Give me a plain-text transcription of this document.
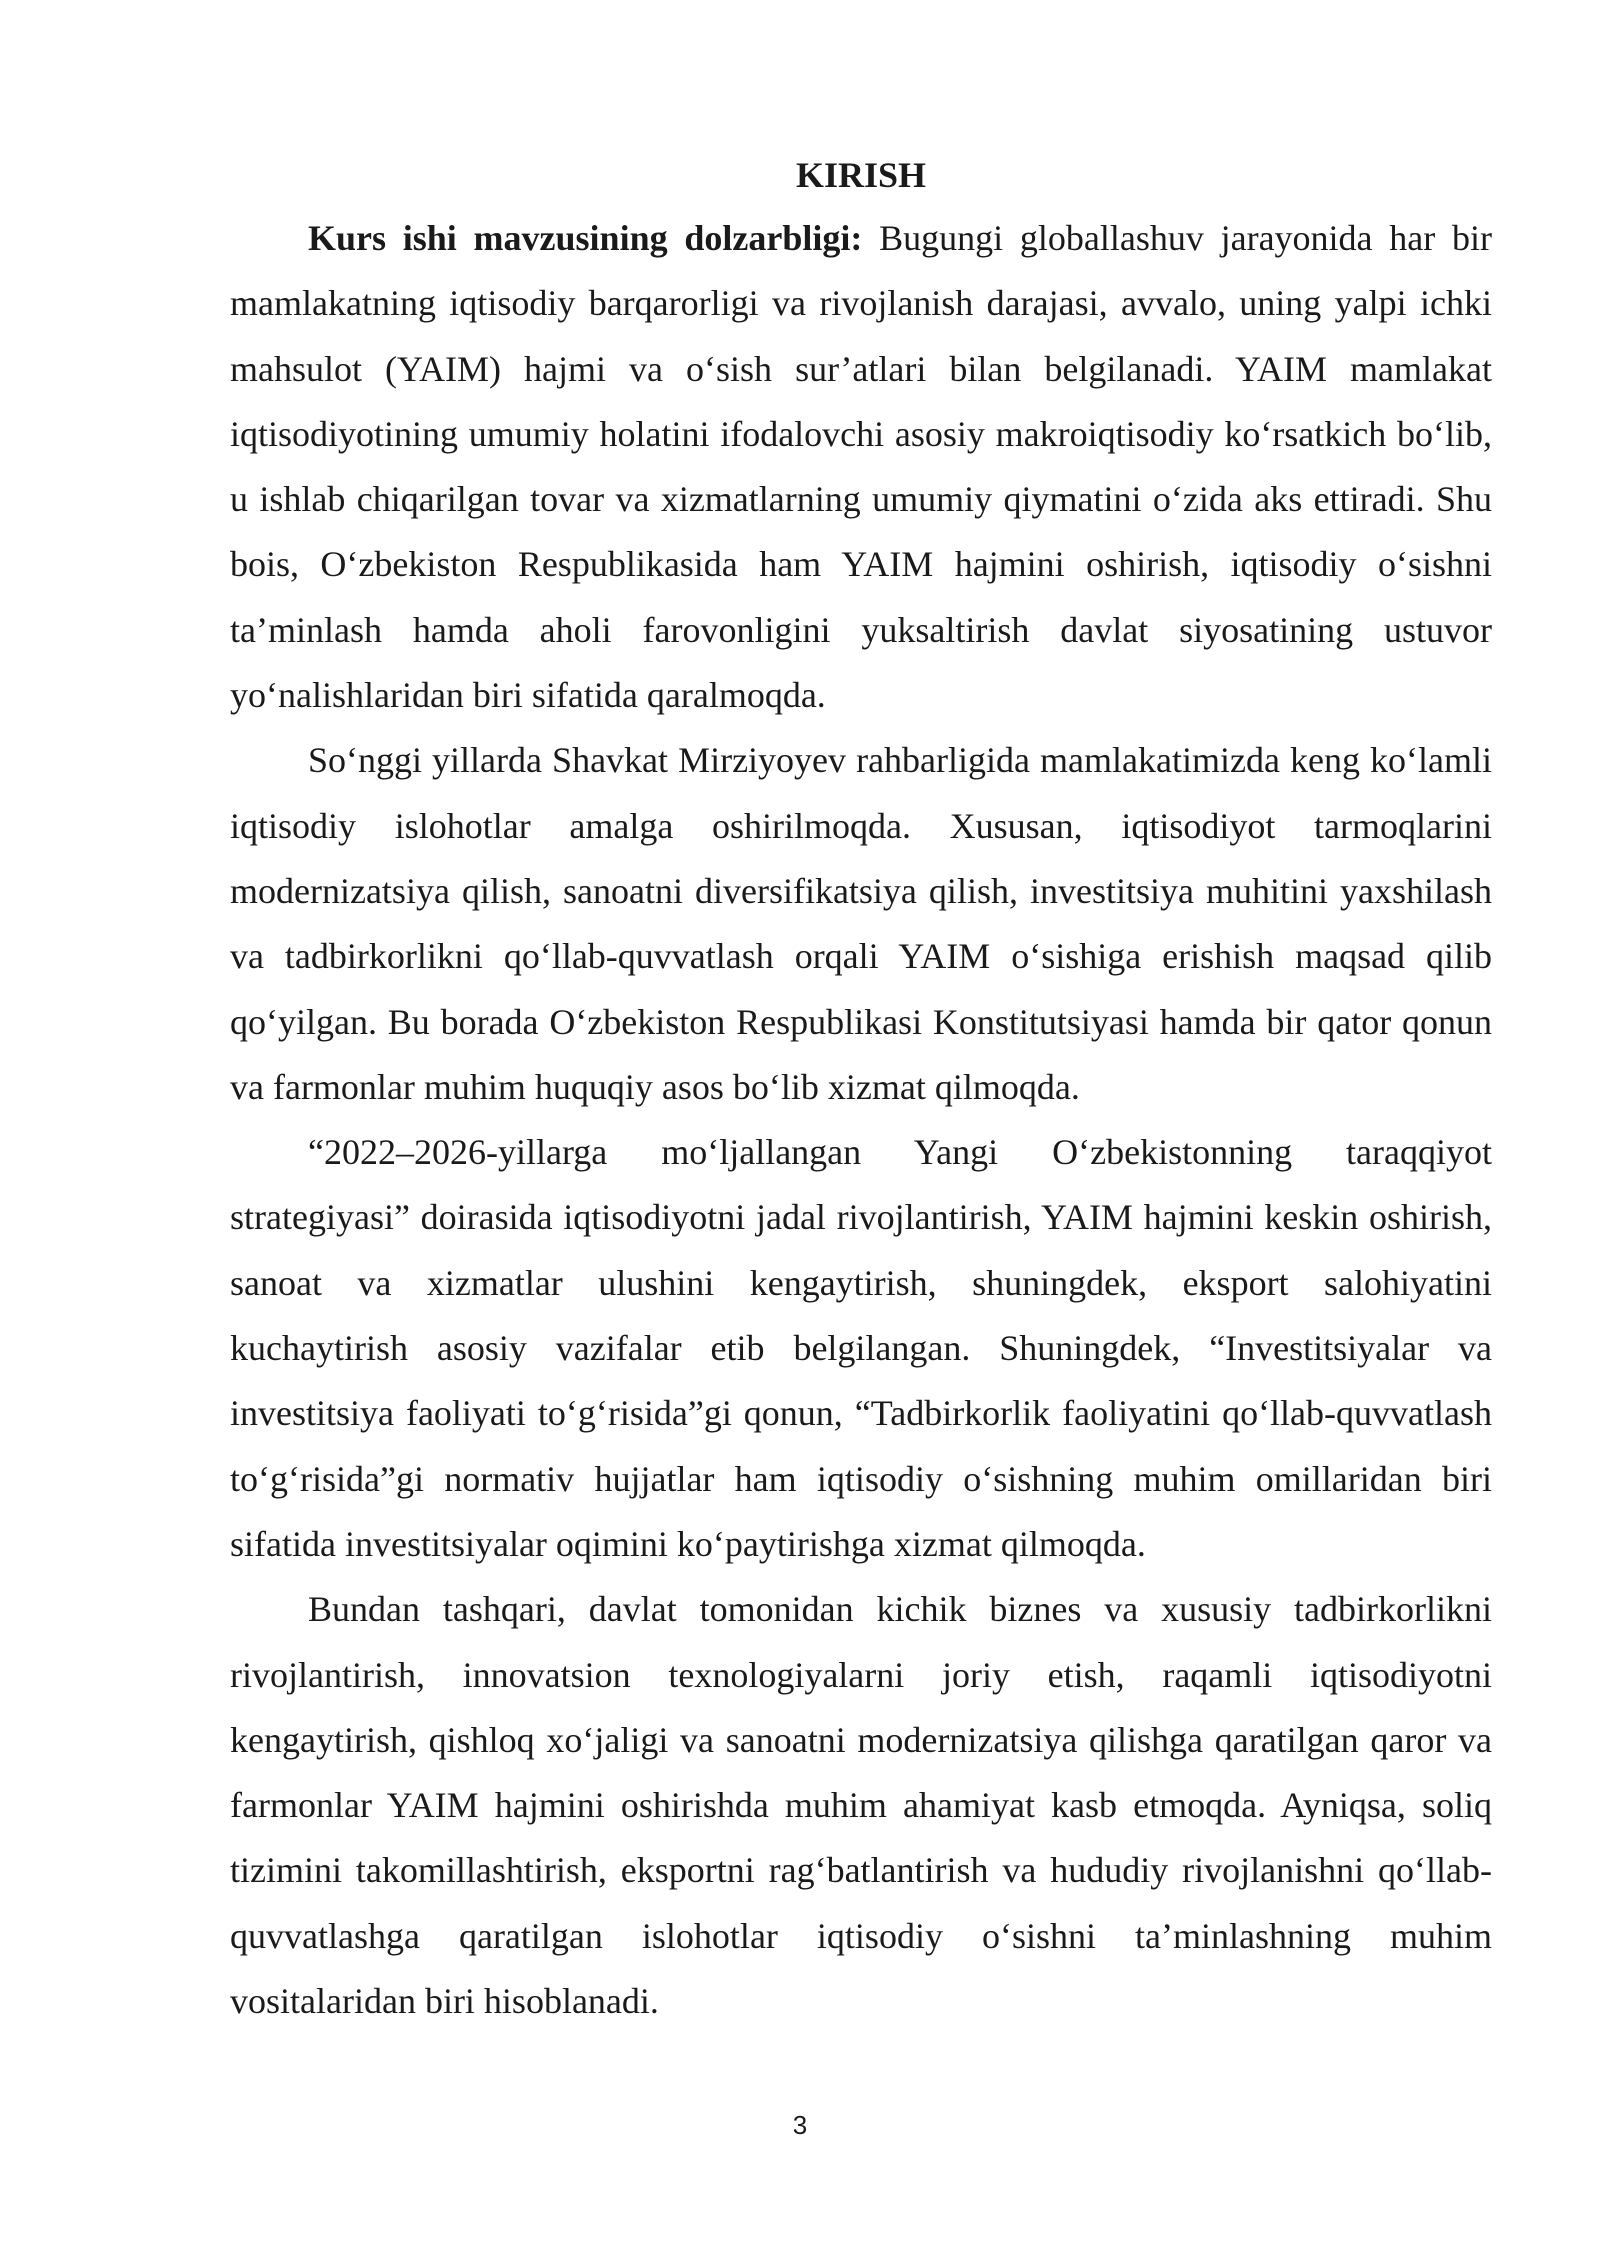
KIRISH

Kurs ishi mavzusining dolzarbligi: Bugungi globallashuv jarayonida har bir mamlakatning iqtisodiy barqarorligi va rivojlanish darajasi, avvalo, uning yalpi ichki mahsulot (YAIM) hajmi va o‘sish sur’atlari bilan belgilanadi. YAIM mamlakat iqtisodiyotining umumiy holatini ifodalovchi asosiy makroiqtisodiy ko‘rsatkich bo‘lib, u ishlab chiqarilgan tovar va xizmatlarning umumiy qiymatini o‘zida aks ettiradi. Shu bois, O‘zbekiston Respublikasida ham YAIM hajmini oshirish, iqtisodiy o‘sishni ta’minlash hamda aholi farovonligini yuksaltirish davlat siyosatining ustuvor yo‘nalishlaridan biri sifatida qaralmoqda.

So‘nggi yillarda Shavkat Mirziyoyev rahbarligida mamlakatimizda keng ko‘lamli iqtisodiy islohotlar amalga oshirilmoqda. Xususan, iqtisodiyot tarmoqlarini modernizatsiya qilish, sanoatni diversifikatsiya qilish, investitsiya muhitini yaxshilash va tadbirkorlikni qo‘llab-quvvatlash orqali YAIM o‘sishiga erishish maqsad qilib qo‘yilgan. Bu borada O‘zbekiston Respublikasi Konstitutsiyasi hamda bir qator qonun va farmonlar muhim huquqiy asos bo‘lib xizmat qilmoqda.

“2022–2026-yillarga mo‘ljallangan Yangi O‘zbekistonning taraqqiyot strategiyasi” doirasida iqtisodiyotni jadal rivojlantirish, YAIM hajmini keskin oshirish, sanoat va xizmatlar ulushini kengaytirish, shuningdek, eksport salohiyatini kuchaytirish asosiy vazifalar etib belgilangan. Shuningdek, “Investitsiyalar va investitsiya faoliyati to‘g‘risida”gi qonun, “Tadbirkorlik faoliyatini qo‘llab-quvvatlash to‘g‘risida”gi normativ hujjatlar ham iqtisodiy o‘sishning muhim omillaridan biri sifatida investitsiyalar oqimini ko‘paytirishga xizmat qilmoqda.

Bundan tashqari, davlat tomonidan kichik biznes va xususiy tadbirkorlikni rivojlantirish, innovatsion texnologiyalarni joriy etish, raqamli iqtisodiyotni kengaytirish, qishloq xo‘jaligi va sanoatni modernizatsiya qilishga qaratilgan qaror va farmonlar YAIM hajmini oshirishda muhim ahamiyat kasb etmoqda. Ayniqsa, soliq tizimini takomillashtirish, eksportni rag‘batlantirish va hududiy rivojlanishni qo‘llab-quvvatlashga qaratilgan islohotlar iqtisodiy o‘sishni ta’minlashning muhim vositalaridan biri hisoblanadi.

3
